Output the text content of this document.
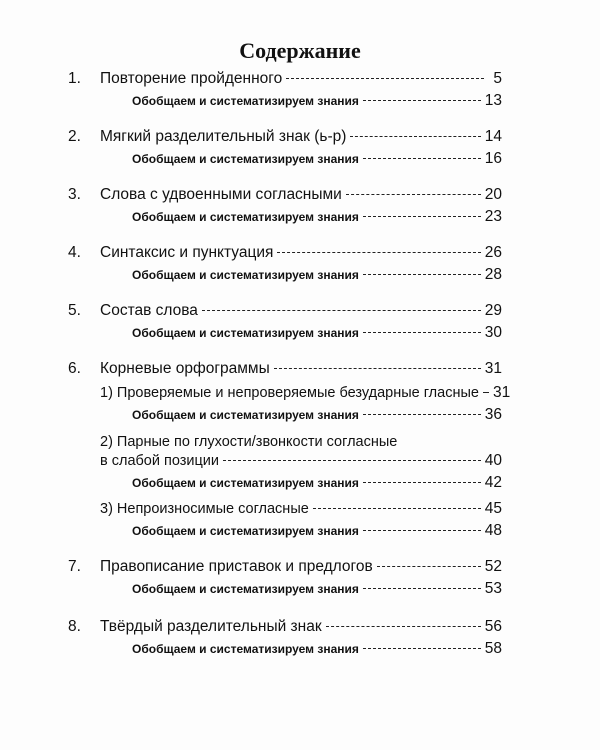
Содержание
1.	Повторение пройденного	5
Обобщаем и систематизируем знания	13
2.	Мягкий разделительный знак (ь-р)	14
Обобщаем и систематизируем знания	16
3.	Слова с удвоенными согласными	20
Обобщаем и систематизируем знания	23
4.	Синтаксис и пунктуация	26
Обобщаем и систематизируем знания	28
5.	Состав слова	29
Обобщаем и систематизируем знания	30
6.	Корневые орфограммы	31
1) Проверяемые и непроверяемые безударные гласные 31
Обобщаем и систематизируем знания	36
2) Парные по глухости/звонкости согласные
в слабой позиции	40
Обобщаем и систематизируем знания	42
3) Непроизносимые согласные	45
Обобщаем и систематизируем знания	48
7.	Правописание приставок и предлогов	52
Обобщаем и систематизируем знания	53
8.	Твёрдый разделительный знак	56
Обобщаем и систематизируем знания	58
